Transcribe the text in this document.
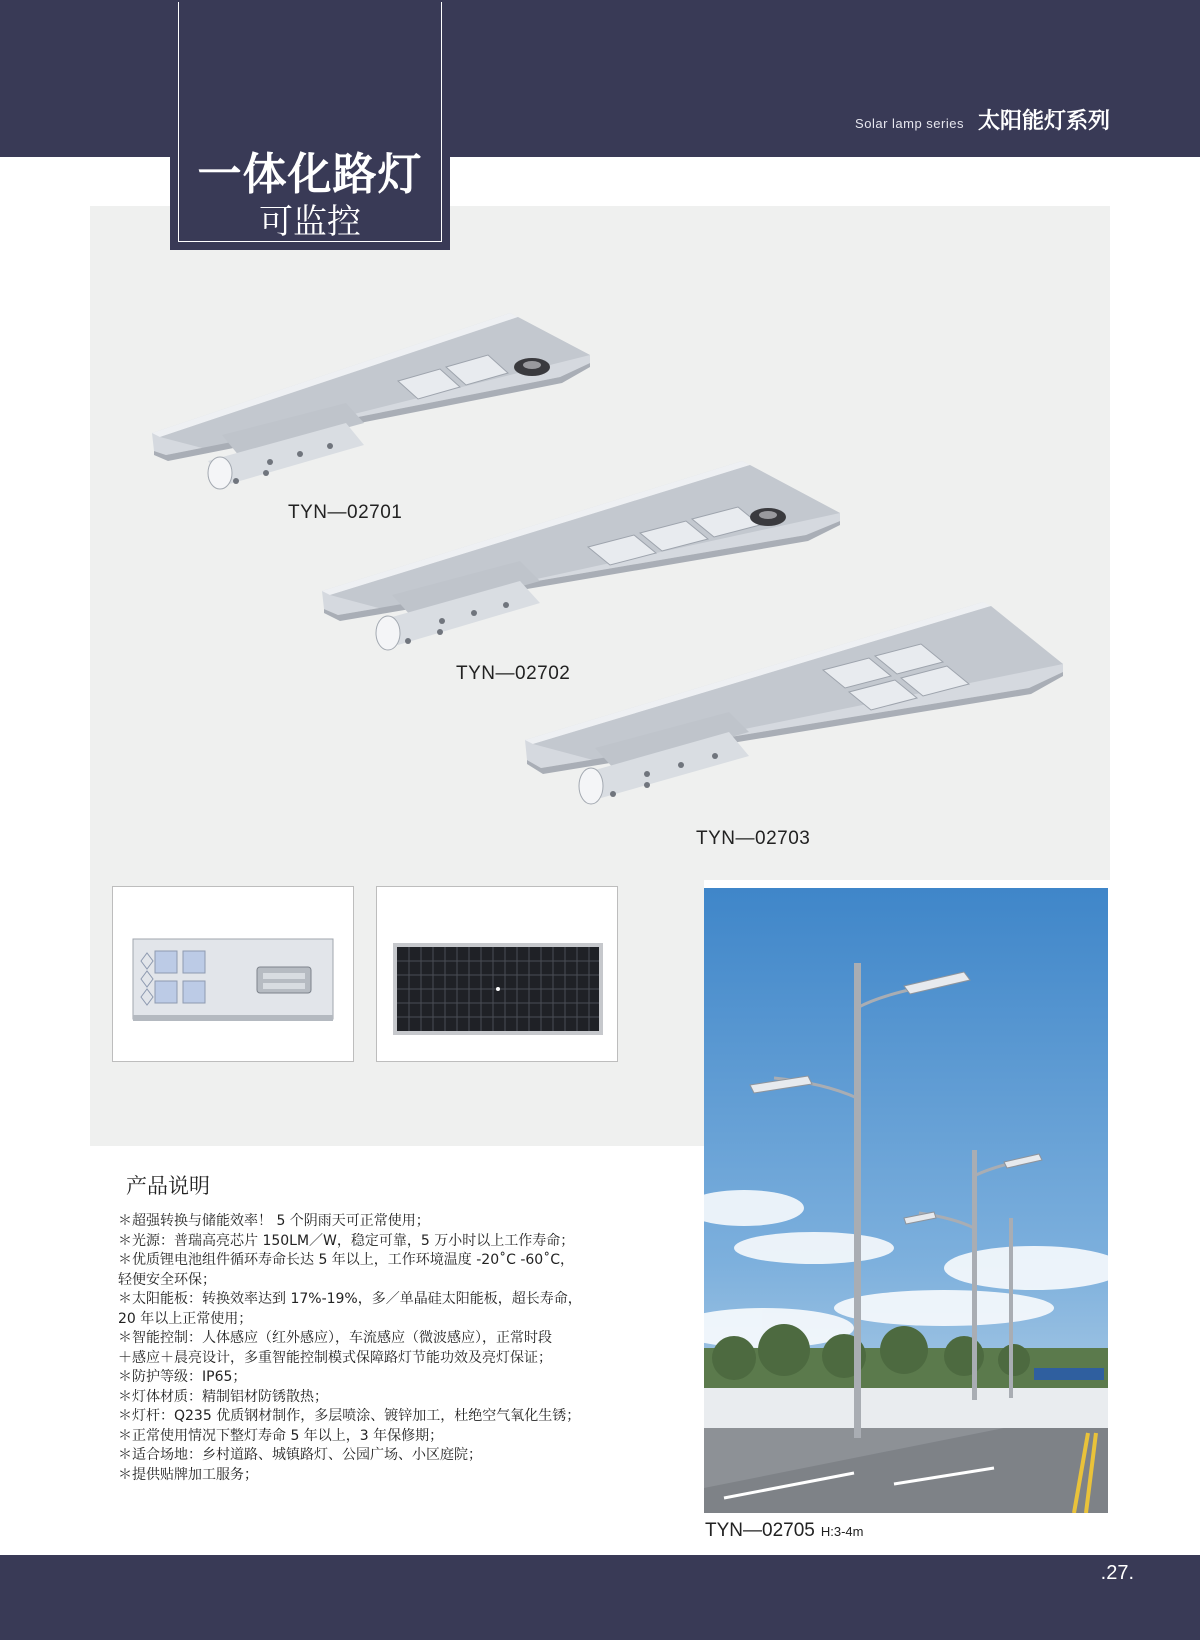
Solar lamp series 太阳能灯系列
一体化路灯
可监控
TYN—02701
TYN—02702
TYN—02703
TYN—02705 H:3-4m
产品说明
＊超强转换与储能效率！ 5 个阴雨天可正常使用；
＊光源：普瑞高亮芯片 150LM／W，稳定可靠，5 万小时以上工作寿命；
＊优质锂电池组件循环寿命长达 5 年以上，工作环境温度 -20˚C -60˚C，
轻便安全环保；
＊太阳能板：转换效率达到 17%-19%，多／单晶硅太阳能板，超长寿命，
20 年以上正常使用；
＊智能控制：人体感应（红外感应），车流感应（微波感应），正常时段
＋感应＋晨亮设计，多重智能控制模式保障路灯节能功效及亮灯保证；
＊防护等级：IP65；
＊灯体材质：精制铝材防锈散热；
＊灯杆：Q235 优质钢材制作，多层喷涂、镀锌加工，杜绝空气氧化生锈；
＊正常使用情况下整灯寿命 5 年以上，3 年保修期；
＊适合场地：乡村道路、城镇路灯、公园广场、小区庭院；
＊提供贴牌加工服务；
.27.
